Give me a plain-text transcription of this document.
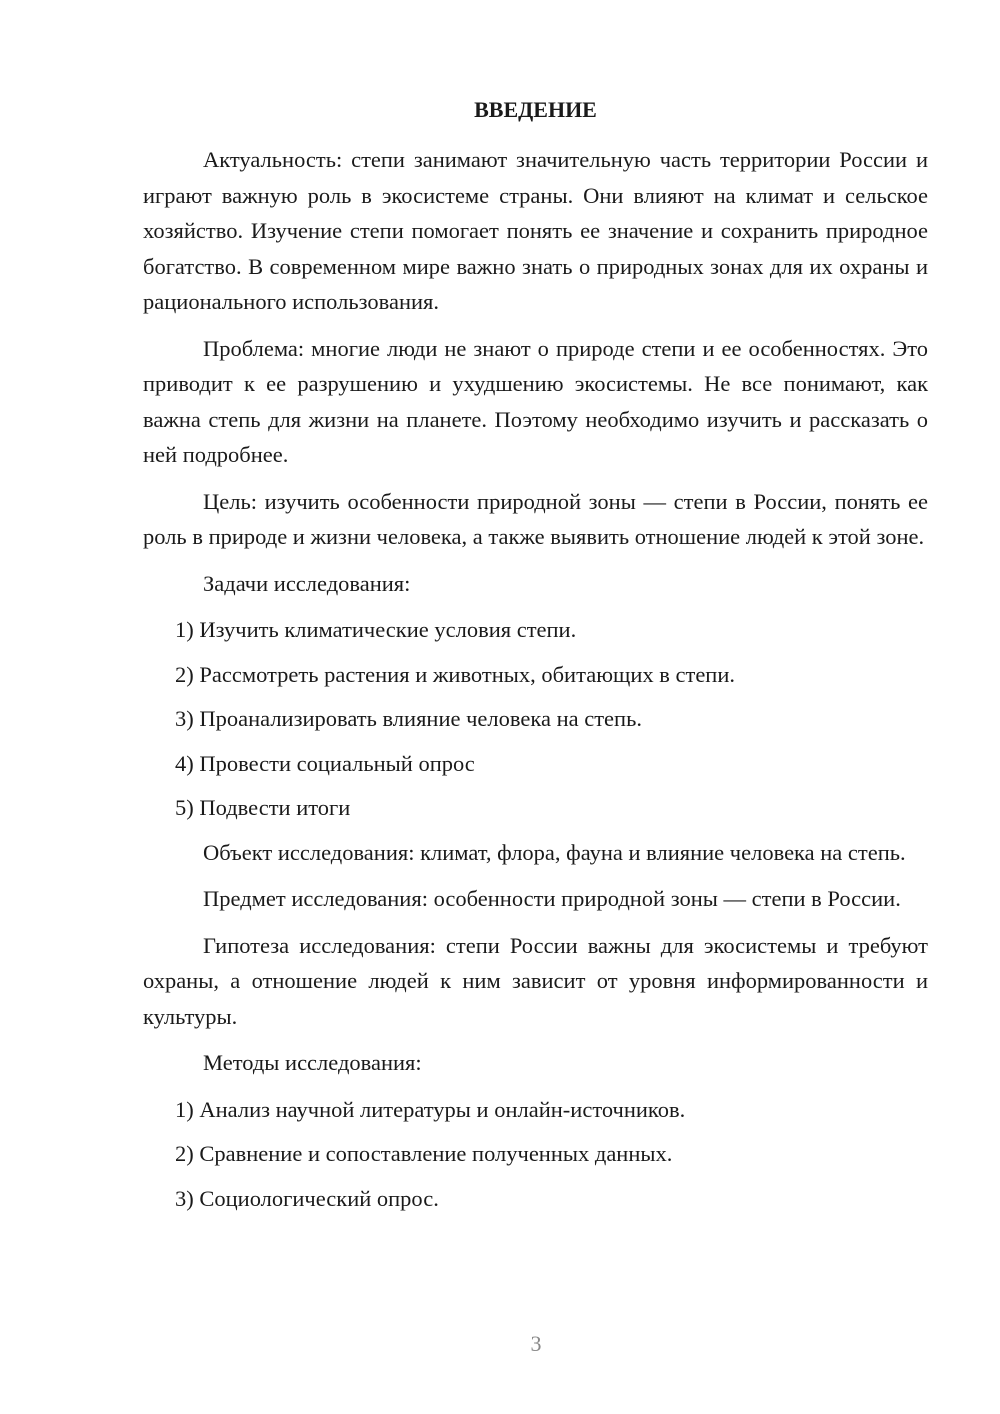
ВВЕДЕНИЕ

Актуальность: степи занимают значительную часть территории России и играют важную роль в экосистеме страны. Они влияют на климат и сельское хозяйство. Изучение степи помогает понять ее значение и сохранить природное богатство. В современном мире важно знать о природных зонах для их охраны и рационального использования.

Проблема: многие люди не знают о природе степи и ее особенностях. Это приводит к ее разрушению и ухудшению экосистемы. Не все понимают, как важна степь для жизни на планете. Поэтому необходимо изучить и рассказать о ней подробнее.

Цель: изучить особенности природной зоны — степи в России, понять ее роль в природе и жизни человека, а также выявить отношение людей к этой зоне.

Задачи исследования:

1) Изучить климатические условия степи.
2) Рассмотреть растения и животных, обитающих в степи.
3) Проанализировать влияние человека на степь.
4) Провести социальный опрос
5) Подвести итоги

Объект исследования: климат, флора, фауна и влияние человека на степь.

Предмет исследования: особенности природной зоны — степи в России.

Гипотеза исследования: степи России важны для экосистемы и требуют охраны, а отношение людей к ним зависит от уровня информированности и культуры.

Методы исследования:

1) Анализ научной литературы и онлайн-источников.
2) Сравнение и сопоставление полученных данных.
3) Социологический опрос.
3
